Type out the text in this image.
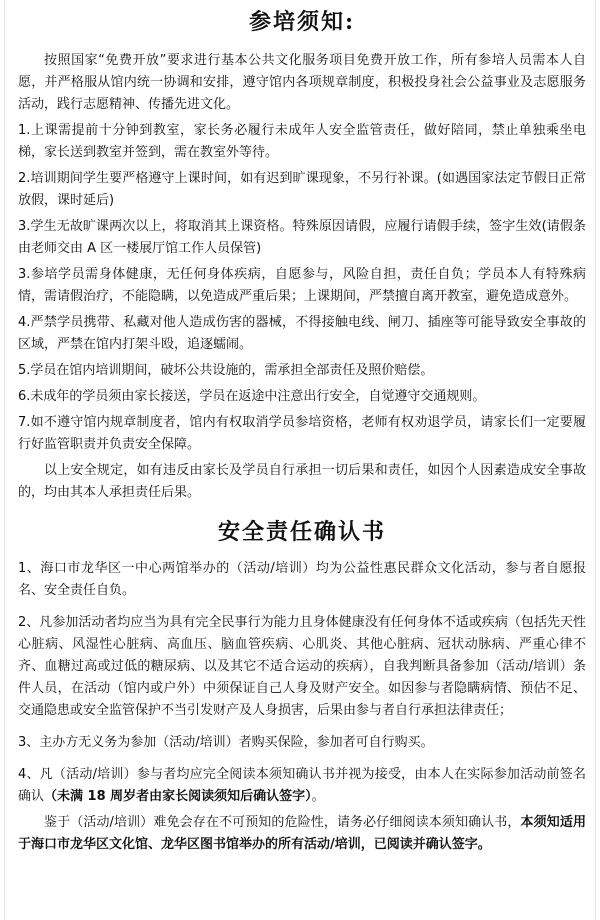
参培须知:

按照国家“免费开放”要求进行基本公共文化服务项目免费开放工作，所有参培人员需本人自愿，并严格服从馆内统一协调和安排，遵守馆内各项规章制度，积极投身社会公益事业及志愿服务活动，践行志愿精神、传播先进文化。

1.上课需提前十分钟到教室，家长务必履行未成年人安全监管责任，做好陪同，禁止单独乘坐电梯，家长送到教室并签到，需在教室外等待。

2.培训期间学生要严格遵守上课时间，如有迟到旷课现象，不另行补课。(如遇国家法定节假日正常放假，课时延后)

3.学生无故旷课两次以上，将取消其上课资格。特殊原因请假，应履行请假手续，签字生效(请假条由老师交由 A 区一楼展厅馆工作人员保管)

3.参培学员需身体健康，无任何身体疾病，自愿参与，风险自担，责任自负；学员本人有特殊病情，需请假治疗，不能隐瞒，以免造成严重后果；上课期间，严禁擅自离开教室，避免造成意外。

4.严禁学员携带、私藏对他人造成伤害的器械，不得接触电线、闸刀、插座等可能导致安全事故的区域，严禁在馆内打架斗殴，追逐蠕闹。

5.学员在馆内培训期间，破坏公共设施的，需承担全部责任及照价赔偿。

6.未成年的学员须由家长接送，学员在返途中注意出行安全，自觉遵守交通规则。

7.如不遵守馆内规章制度者，馆内有权取消学员参培资格，老师有权劝退学员，请家长们一定要履行好监管职责并负责安全保障。

以上安全规定，如有违反由家长及学员自行承担一切后果和责任，如因个人因素造成安全事故的，均由其本人承担责任后果。

安全责任确认书

1、海口市龙华区一中心两馆举办的（活动/培训）均为公益性惠民群众文化活动，参与者自愿报名、安全责任自负。

2、凡参加活动者均应当为具有完全民事行为能力且身体健康没有任何身体不适或疾病（包括先天性心脏病、风湿性心脏病、高血压、脑血管疾病、心肌炎、其他心脏病、冠状动脉病、严重心律不齐、血糖过高或过低的糖尿病、以及其它不适合运动的疾病），自我判断具备参加（活动/培训）条件人员，在活动（馆内或户外）中须保证自己人身及财产安全。如因参与者隐瞒病情、预估不足、交通隐患或安全监管保护不当引发财产及人身损害，后果由参与者自行承担法律责任；

3、主办方无义务为参加（活动/培训）者购买保险，参加者可自行购买。

4、凡（活动/培训）参与者均应完全阅读本须知确认书并视为接受，由本人在实际参加活动前签名确认（未满 18 周岁者由家长阅读须知后确认签字）。

鉴于（活动/培训）难免会存在不可预知的危险性，请务必仔细阅读本须知确认书，本须知适用于海口市龙华区文化馆、龙华区图书馆举办的所有活动/培训，已阅读并确认签字。
